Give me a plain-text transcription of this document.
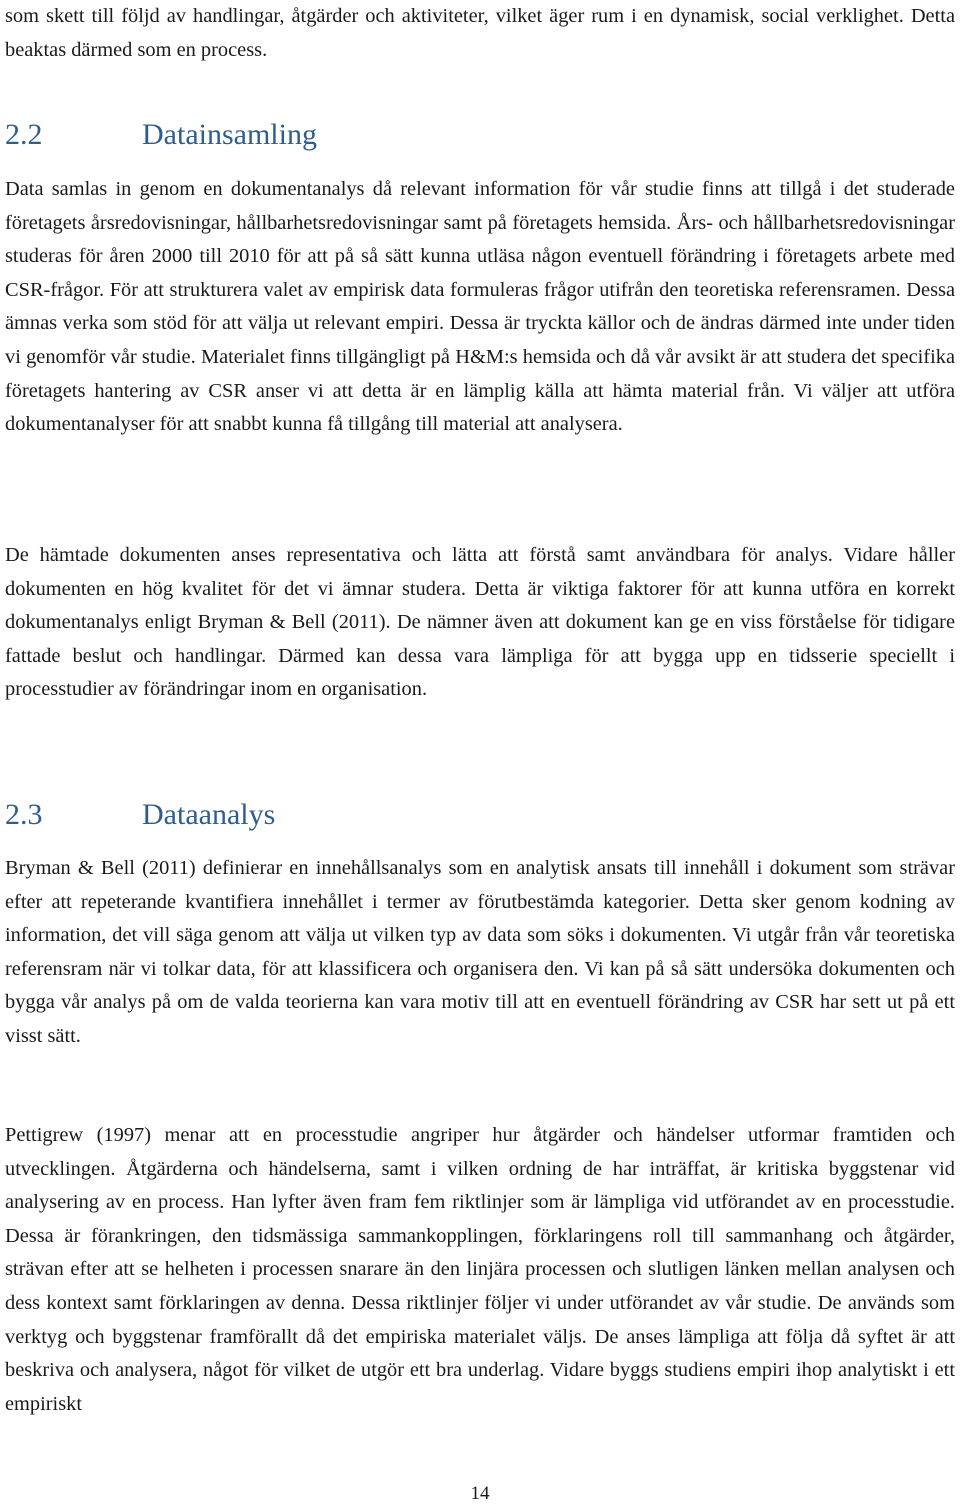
som skett till följd av handlingar, åtgärder och aktiviteter, vilket äger rum i en dynamisk, social verklighet. Detta beaktas därmed som en process.

2.2	Datainsamling

Data samlas in genom en dokumentanalys då relevant information för vår studie finns att tillgå i det studerade företagets årsredovisningar, hållbarhetsredovisningar samt på företagets hemsida. Års- och hållbarhetsredovisningar studeras för åren 2000 till 2010 för att på så sätt kunna utläsa någon eventuell förändring i företagets arbete med CSR-frågor. För att strukturera valet av empirisk data formuleras frågor utifrån den teoretiska referensramen. Dessa ämnas verka som stöd för att välja ut relevant empiri. Dessa är tryckta källor och de ändras därmed inte under tiden vi genomför vår studie. Materialet finns tillgängligt på H&M:s hemsida och då vår avsikt är att studera det specifika företagets hantering av CSR anser vi att detta är en lämplig källa att hämta material från. Vi väljer att utföra dokumentanalyser för att snabbt kunna få tillgång till material att analysera.

De hämtade dokumenten anses representativa och lätta att förstå samt användbara för analys. Vidare håller dokumenten en hög kvalitet för det vi ämnar studera. Detta är viktiga faktorer för att kunna utföra en korrekt dokumentanalys enligt Bryman & Bell (2011). De nämner även att dokument kan ge en viss förståelse för tidigare fattade beslut och handlingar. Därmed kan dessa vara lämpliga för att bygga upp en tidsserie speciellt i processtudier av förändringar inom en organisation.

2.3	Dataanalys

Bryman & Bell (2011) definierar en innehållsanalys som en analytisk ansats till innehåll i dokument som strävar efter att repeterande kvantifiera innehållet i termer av förutbestämda kategorier. Detta sker genom kodning av information, det vill säga genom att välja ut vilken typ av data som söks i dokumenten. Vi utgår från vår teoretiska referensram när vi tolkar data, för att klassificera och organisera den. Vi kan på så sätt undersöka dokumenten och bygga vår analys på om de valda teorierna kan vara motiv till att en eventuell förändring av CSR har sett ut på ett visst sätt.

Pettigrew (1997) menar att en processtudie angriper hur åtgärder och händelser utformar framtiden och utvecklingen. Åtgärderna och händelserna, samt i vilken ordning de har inträffat, är kritiska byggstenar vid analysering av en process. Han lyfter även fram fem riktlinjer som är lämpliga vid utförandet av en processtudie. Dessa är förankringen, den tidsmässiga sammankopplingen, förklaringens roll till sammanhang och åtgärder, strävan efter att se helheten i processen snarare än den linjära processen och slutligen länken mellan analysen och dess kontext samt förklaringen av denna. Dessa riktlinjer följer vi under utförandet av vår studie. De används som verktyg och byggstenar framförallt då det empiriska materialet väljs. De anses lämpliga att följa då syftet är att beskriva och analysera, något för vilket de utgör ett bra underlag. Vidare byggs studiens empiri ihop analytiskt i ett empiriskt

14
